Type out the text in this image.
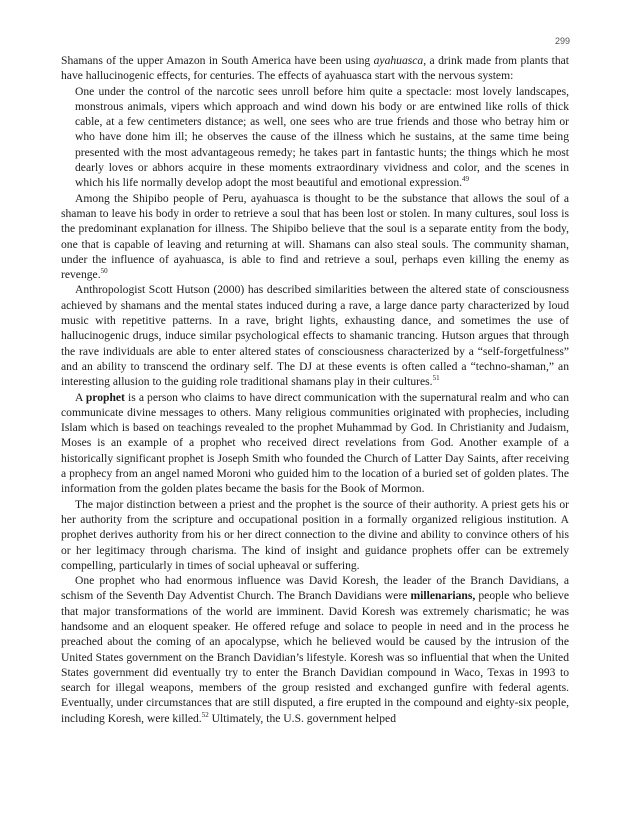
299

Shamans of the upper Amazon in South America have been using ayahuasca, a drink made from plants that have hallucinogenic effects, for centuries. The effects of ayahuasca start with the nervous system:

One under the control of the narcotic sees unroll before him quite a spectacle: most lovely landscapes, monstrous animals, vipers which approach and wind down his body or are entwined like rolls of thick cable, at a few centimeters distance; as well, one sees who are true friends and those who betray him or who have done him ill; he observes the cause of the illness which he sustains, at the same time being presented with the most advantageous remedy; he takes part in fantastic hunts; the things which he most dearly loves or abhors acquire in these moments extraordinary vividness and color, and the scenes in which his life normally develop adopt the most beautiful and emotional expression.$^{49}$

Among the Shipibo people of Peru, ayahuasca is thought to be the substance that allows the soul of a shaman to leave his body in order to retrieve a soul that has been lost or stolen. In many cultures, soul loss is the predominant explanation for illness. The Shipibo believe that the soul is a separate entity from the body, one that is capable of leaving and returning at will. Shamans can also steal souls. The community shaman, under the influence of ayahuasca, is able to find and retrieve a soul, perhaps even killing the enemy as revenge.$^{50}$

Anthropologist Scott Hutson (2000) has described similarities between the altered state of consciousness achieved by shamans and the mental states induced during a rave, a large dance party characterized by loud music with repetitive patterns. In a rave, bright lights, exhausting dance, and sometimes the use of hallucinogenic drugs, induce similar psychological effects to shamanic trancing. Hutson argues that through the rave individuals are able to enter altered states of consciousness characterized by a “self-forgetfulness” and an ability to transcend the ordinary self. The DJ at these events is often called a “techno-shaman,” an interesting allusion to the guiding role traditional shamans play in their cultures.$^{51}$

A prophet is a person who claims to have direct communication with the supernatural realm and who can communicate divine messages to others. Many religious communities originated with prophecies, including Islam which is based on teachings revealed to the prophet Muhammad by God. In Christianity and Judaism, Moses is an example of a prophet who received direct revelations from God. Another example of a historically significant prophet is Joseph Smith who founded the Church of Latter Day Saints, after receiving a prophecy from an angel named Moroni who guided him to the location of a buried set of golden plates. The information from the golden plates became the basis for the Book of Mormon.

The major distinction between a priest and the prophet is the source of their authority. A priest gets his or her authority from the scripture and occupational position in a formally organized religious institution. A prophet derives authority from his or her direct connection to the divine and ability to convince others of his or her legitimacy through charisma. The kind of insight and guidance prophets offer can be extremely compelling, particularly in times of social upheaval or suffering.

One prophet who had enormous influence was David Koresh, the leader of the Branch Davidians, a schism of the Seventh Day Adventist Church. The Branch Davidians were millenarians, people who believe that major transformations of the world are imminent. David Koresh was extremely charismatic; he was handsome and an eloquent speaker. He offered refuge and solace to people in need and in the process he preached about the coming of an apocalypse, which he believed would be caused by the intrusion of the United States government on the Branch Davidian’s lifestyle. Koresh was so influential that when the United States government did eventually try to enter the Branch Davidian compound in Waco, Texas in 1993 to search for illegal weapons, members of the group resisted and exchanged gunfire with federal agents. Eventually, under circumstances that are still disputed, a fire erupted in the compound and eighty-six people, including Koresh, were killed.$^{52}$ Ultimately, the U.S. government helped
